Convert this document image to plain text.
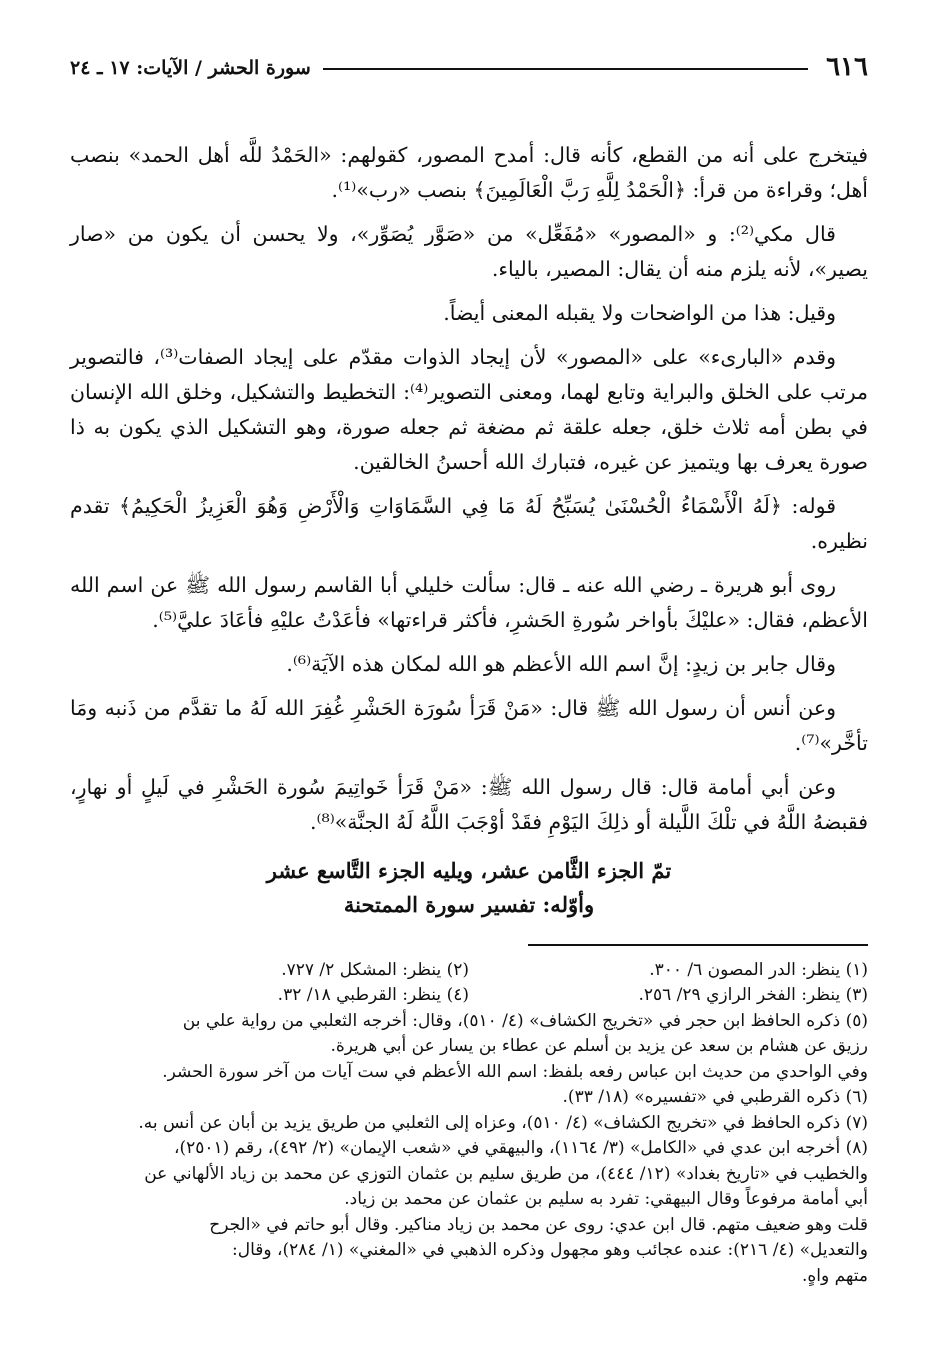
٦١٦
سورة الحشر / الآيات: ١٧ ـ ٢٤

فيتخرج على أنه من القطع، كأنه قال: أمدح المصور، كقولهم: «الحَمْدُ للَّه أهل الحمد» بنصب أهل؛ وقراءة من قرأ: ﴿الْحَمْدُ لِلَّهِ رَبَّ الْعَالَمِينَ﴾ بنصب «رب»⁽¹⁾.

قال مكي⁽²⁾: و «المصور» «مُفَعِّل» من «صَوَّر يُصَوِّر»، ولا يحسن أن يكون من «صار يصير»، لأنه يلزم منه أن يقال: المصير، بالياء.

وقيل: هذا من الواضحات ولا يقبله المعنى أيضاً.

وقدم «البارىء» على «المصور» لأن إيجاد الذوات مقدّم على إيجاد الصفات⁽³⁾، فالتصوير مرتب على الخلق والبراية وتابع لهما، ومعنى التصوير⁽⁴⁾: التخطيط والتشكيل، وخلق الله الإنسان في بطن أمه ثلاث خلق، جعله علقة ثم مضغة ثم جعله صورة، وهو التشكيل الذي يكون به ذا صورة يعرف بها ويتميز عن غيره، فتبارك الله أحسنُ الخالقين.

قوله: ﴿لَهُ الْأَسْمَاءُ الْحُسْنَىٰ يُسَبِّحُ لَهُ مَا فِي السَّمَاوَاتِ وَالْأَرْضِ وَهُوَ الْعَزِيزُ الْحَكِيمُ﴾ تقدم نظيره.

روى أبو هريرة ـ رضي الله عنه ـ قال: سألت خليلي أبا القاسم رسول الله ﷺ عن اسم الله الأعظم، فقال: «عليْكَ بأواخر سُورةِ الحَشرِ، فأكثر قراءتها» فأعَدْتُ عليْهِ فأعَادَ عليَّ⁽⁵⁾.

وقال جابر بن زيدٍ: إنَّ اسم الله الأعظم هو الله لمكان هذه الآيَة⁽⁶⁾.

وعن أنس أن رسول الله ﷺ قال: «مَنْ قَرَأ سُورَة الحَشْرِ غُفِرَ الله لَهُ ما تقدَّم من ذَنبه ومَا تأخَّر»⁽⁷⁾.

وعن أبي أمامة قال: قال رسول الله ﷺ: «مَنْ قَرَأ خَواتِيمَ سُورة الحَشْرِ في لَيلٍ أو نهارٍ، فقبضهُ اللَّهُ في تلْكَ اللَّيلة أو ذلِكَ اليَوْمِ فقَدْ أوْجَبَ اللَّهُ لَهُ الجنَّة»⁽⁸⁾.

تمّ الجزء الثَّامن عشر، ويليه الجزء التَّاسع عشر
وأوّله: تفسير سورة الممتحنة
(١) ينظر: الدر المصون ٦/ ٣٠٠.
(٢) ينظر: المشكل ٢/ ٧٢٧.
(٣) ينظر: الفخر الرازي ٢٩/ ٢٥٦.
(٤) ينظر: القرطبي ١٨/ ٣٢.
(٥) ذكره الحافظ ابن حجر في «تخريج الكشاف» (٤/ ٥١٠)، وقال: أخرجه الثعلبي من رواية علي بن
رزيق عن هشام بن سعد عن يزيد بن أسلم عن عطاء بن يسار عن أبي هريرة.
وفي الواحدي من حديث ابن عباس رفعه بلفظ: اسم الله الأعظم في ست آيات من آخر سورة الحشر.
(٦) ذكره القرطبي في «تفسيره» (١٨/ ٣٣).
(٧) ذكره الحافظ في «تخريج الكشاف» (٤/ ٥١٠)، وعزاه إلى الثعلبي من طريق يزيد بن أبان عن أنس به.
(٨) أخرجه ابن عدي في «الكامل» (٣/ ١١٦٤)، والبيهقي في «شعب الإيمان» (٢/ ٤٩٢)، رقم (٢٥٠١)،
والخطيب في «تاريخ بغداد» (١٢/ ٤٤٤)، من طريق سليم بن عثمان التوزي عن محمد بن زياد الألهاني عن
أبي أمامة مرفوعاً وقال البيهقي: تفرد به سليم بن عثمان عن محمد بن زياد.
قلت وهو ضعيف متهم. قال ابن عدي: روى عن محمد بن زياد مناكير. وقال أبو حاتم في «الجرح
والتعديل» (٤/ ٢١٦): عنده عجائب وهو مجهول وذكره الذهبي في «المغني» (١/ ٢٨٤)، وقال:
متهم واهٍ.
